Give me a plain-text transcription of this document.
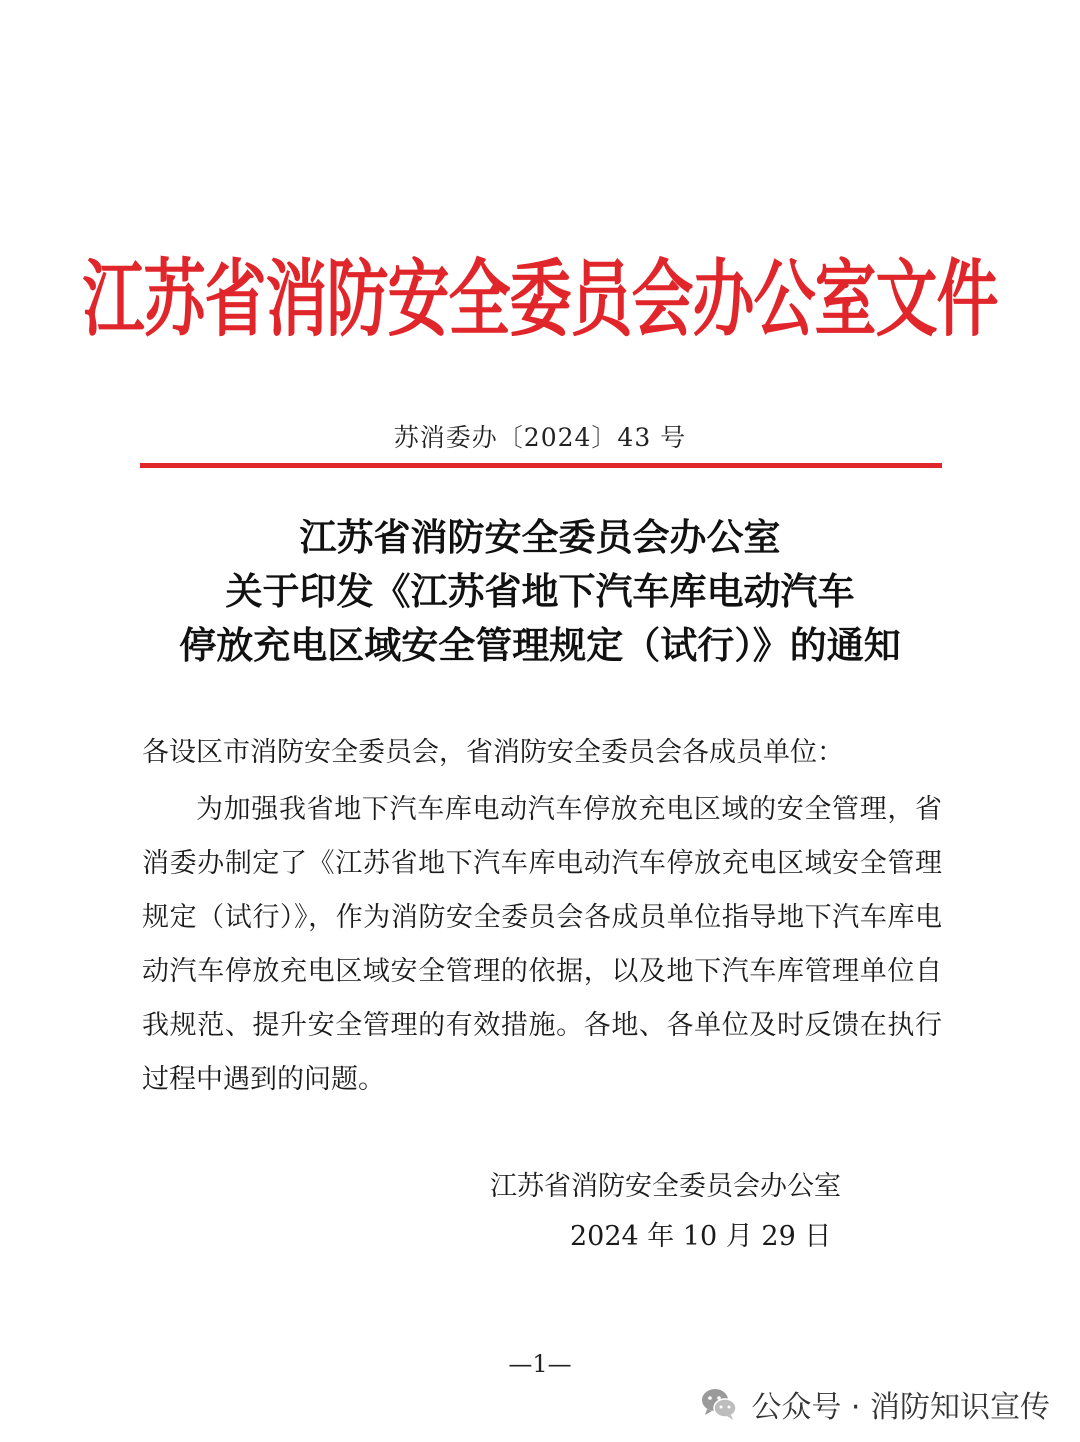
江苏省消防安全委员会办公室文件
苏消委办〔2024〕43 号
江苏省消防安全委员会办公室
关于印发《江苏省地下汽车库电动汽车
停放充电区域安全管理规定（试行）》的通知
各设区市消防安全委员会，省消防安全委员会各成员单位：

为加强我省地下汽车库电动汽车停放充电区域的安全管理，省消委办制定了《江苏省地下汽车库电动汽车停放充电区域安全管理规定（试行）》，作为消防安全委员会各成员单位指导地下汽车库电动汽车停放充电区域安全管理的依据，以及地下汽车库管理单位自我规范、提升安全管理的有效措施。各地、各单位及时反馈在执行过程中遇到的问题。

江苏省消防安全委员会办公室
2024 年 10 月 29 日
—1—
公众号 · 消防知识宣传
